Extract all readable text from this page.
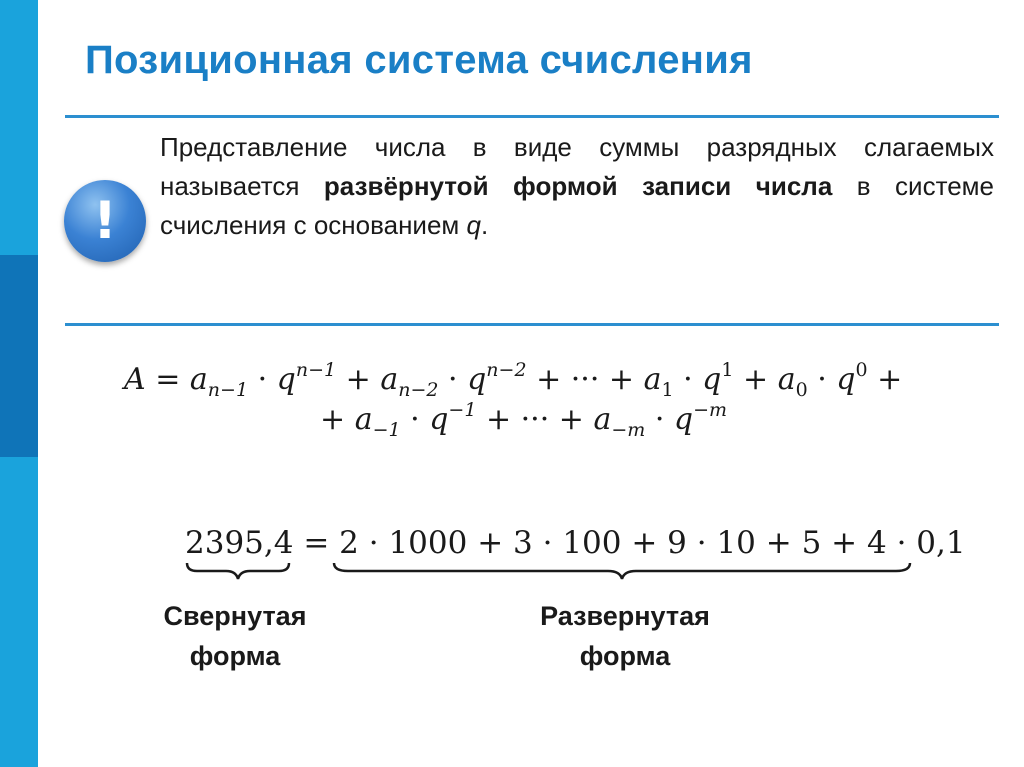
Позиционная система счисления
!
Представление числа в виде суммы разрядных слагаемых называется развёрнутой формой записи числа в системе счисления с основанием q.
$A = a_{n-1} \cdot q^{n-1} + a_{n-2} \cdot q^{n-2}$ + ··· + $a_1 \cdot q^1 + a_0 \cdot q^0$ +
+ $a_{-1} \cdot q^{-1}$ + ··· + $a_{-m} \cdot q^{-m}$
2395,4 = 2 · 1000 + 3 · 100 + 9 · 10 + 5 + 4 · 0,1
Свернутая
форма
Развернутая
форма
